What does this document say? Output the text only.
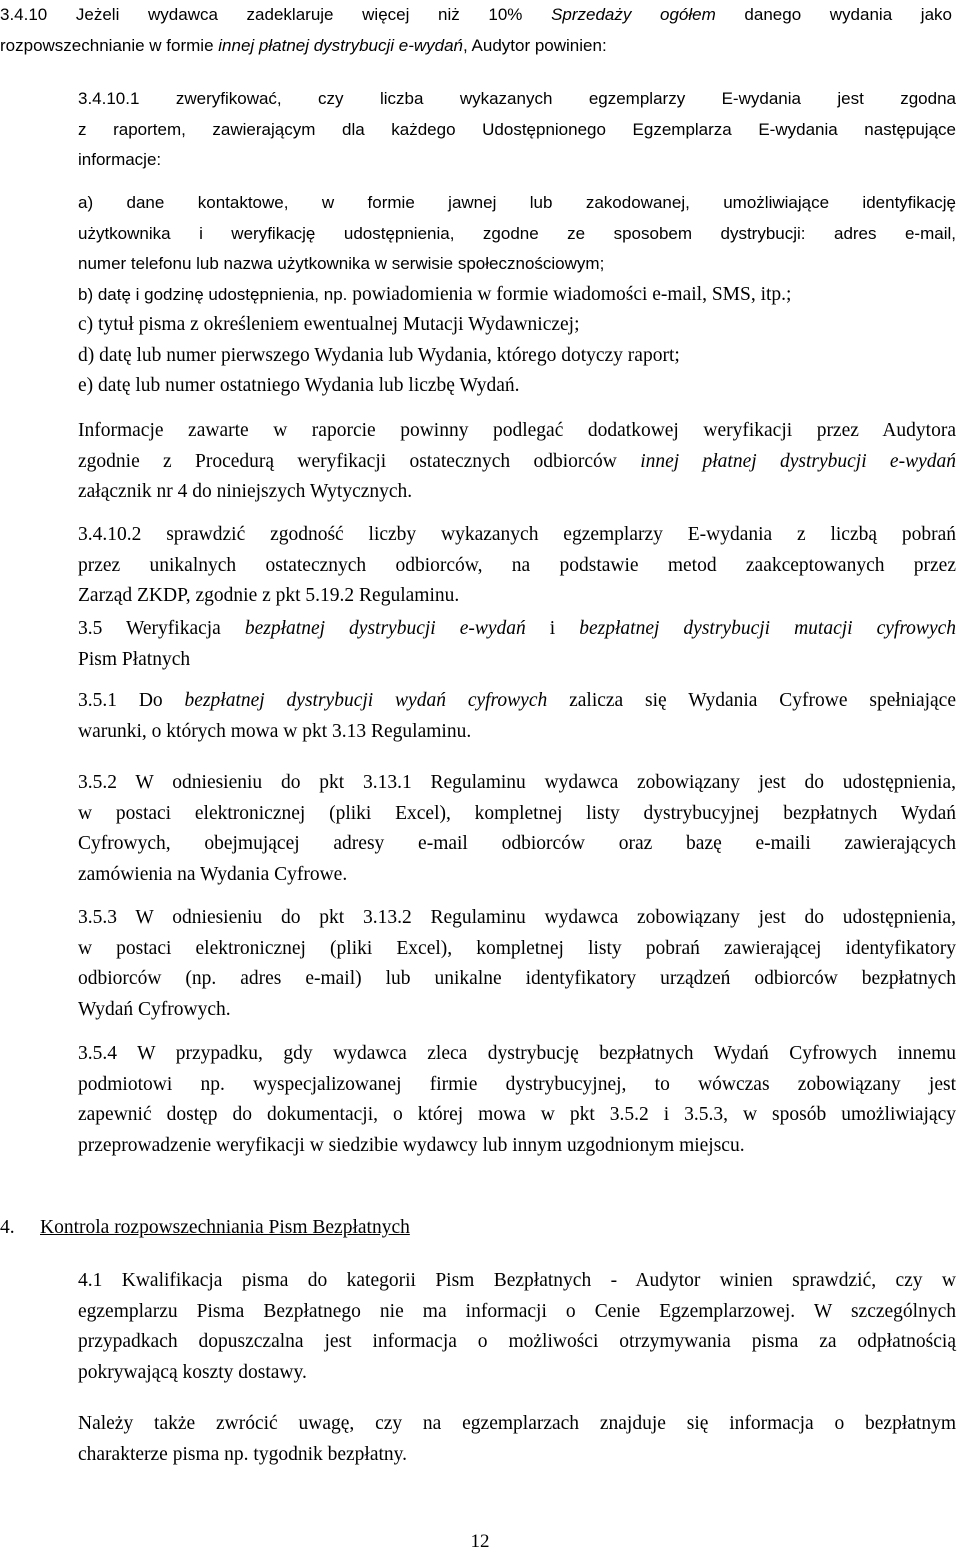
3.4.10 Jeżeli wydawca zadeklaruje więcej niż 10% Sprzedaży ogółem danego wydania jako
rozpowszechnianie w formie innej płatnej dystrybucji e-wydań, Audytor powinien:
3.4.10.1 zweryfikować, czy liczba wykazanych egzemplarzy E-wydania jest zgodna
z raportem, zawierającym dla każdego Udostępnionego Egzemplarza E-wydania następujące
informacje:
a) dane kontaktowe, w formie jawnej lub zakodowanej, umożliwiające identyfikację
użytkownika i weryfikację udostępnienia, zgodne ze sposobem dystrybucji: adres e-mail,
numer telefonu lub nazwa użytkownika w serwisie społecznościowym;
b) datę i godzinę udostępnienia, np. powiadomienia w formie wiadomości e-mail, SMS, itp.;
c) tytuł pisma z określeniem ewentualnej Mutacji Wydawniczej;
d) datę lub numer pierwszego Wydania lub Wydania, którego dotyczy raport;
e) datę lub numer ostatniego Wydania lub liczbę Wydań.
Informacje zawarte w raporcie powinny podlegać dodatkowej weryfikacji przez Audytora
zgodnie z Procedurą weryfikacji ostatecznych odbiorców innej płatnej dystrybucji e-wydań
załącznik nr 4 do niniejszych Wytycznych.
3.4.10.2 sprawdzić zgodność liczby wykazanych egzemplarzy E-wydania z liczbą pobrań
przez unikalnych ostatecznych odbiorców, na podstawie metod zaakceptowanych przez
Zarząd ZKDP, zgodnie z pkt 5.19.2 Regulaminu.
3.5 Weryfikacja bezpłatnej dystrybucji e-wydań i bezpłatnej dystrybucji mutacji cyfrowych
Pism Płatnych
3.5.1 Do bezpłatnej dystrybucji wydań cyfrowych zalicza się Wydania Cyfrowe spełniające
warunki, o których mowa w pkt 3.13 Regulaminu.
3.5.2 W odniesieniu do pkt 3.13.1 Regulaminu wydawca zobowiązany jest do udostępnienia,
w postaci elektronicznej (pliki Excel), kompletnej listy dystrybucyjnej bezpłatnych Wydań
Cyfrowych, obejmującej adresy e-mail odbiorców oraz bazę e-maili zawierających
zamówienia na Wydania Cyfrowe.
3.5.3 W odniesieniu do pkt 3.13.2 Regulaminu wydawca zobowiązany jest do udostępnienia,
w postaci elektronicznej (pliki Excel), kompletnej listy pobrań zawierającej identyfikatory
odbiorców (np. adres e-mail) lub unikalne identyfikatory urządzeń odbiorców bezpłatnych
Wydań Cyfrowych.
3.5.4 W przypadku, gdy wydawca zleca dystrybucję bezpłatnych Wydań Cyfrowych innemu
podmiotowi np. wyspecjalizowanej firmie dystrybucyjnej, to wówczas zobowiązany jest
zapewnić dostęp do dokumentacji, o której mowa w pkt 3.5.2 i 3.5.3, w sposób umożliwiający
przeprowadzenie weryfikacji w siedzibie wydawcy lub innym uzgodnionym miejscu.
4. Kontrola rozpowszechniania Pism Bezpłatnych
4.1 Kwalifikacja pisma do kategorii Pism Bezpłatnych - Audytor winien sprawdzić, czy w
egzemplarzu Pisma Bezpłatnego nie ma informacji o Cenie Egzemplarzowej. W szczególnych
przypadkach dopuszczalna jest informacja o możliwości otrzymywania pisma za odpłatnością
pokrywającą koszty dostawy.
Należy także zwrócić uwagę, czy na egzemplarzach znajduje się informacja o bezpłatnym
charakterze pisma np. tygodnik bezpłatny.
12
